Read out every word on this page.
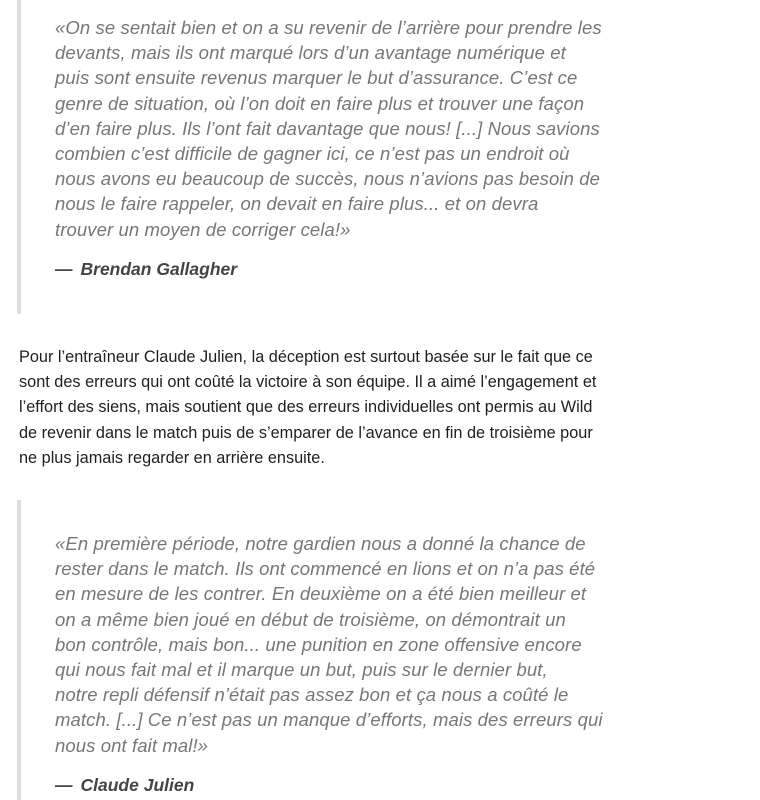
«On se sentait bien et on a su revenir de l’arrière pour prendre les
devants, mais ils ont marqué lors d’un avantage numérique et
puis sont ensuite revenus marquer le but d’assurance. C’est ce
genre de situation, où l’on doit en faire plus et trouver une façon
d’en faire plus. Ils l’ont fait davantage que nous! [...] Nous savions
combien c’est difficile de gagner ici, ce n’est pas un endroit où
nous avons eu beaucoup de succès, nous n’avions pas besoin de
nous le faire rappeler, on devait en faire plus... et on devra
trouver un moyen de corriger cela!»

— Brendan Gallagher

Pour l’entraîneur Claude Julien, la déception est surtout basée sur le fait que ce
sont des erreurs qui ont coûté la victoire à son équipe. Il a aimé l’engagement et
l’effort des siens, mais soutient que des erreurs individuelles ont permis au Wild
de revenir dans le match puis de s’emparer de l’avance en fin de troisième pour
ne plus jamais regarder en arrière ensuite.

«En première période, notre gardien nous a donné la chance de
rester dans le match. Ils ont commencé en lions et on n’a pas été
en mesure de les contrer. En deuxième on a été bien meilleur et
on a même bien joué en début de troisième, on démontrait un
bon contrôle, mais bon... une punition en zone offensive encore
qui nous fait mal et il marque un but, puis sur le dernier but,
notre repli défensif n’était pas assez bon et ça nous a coûté le
match. [...] Ce n’est pas un manque d’efforts, mais des erreurs qui
nous ont fait mal!»

— Claude Julien
